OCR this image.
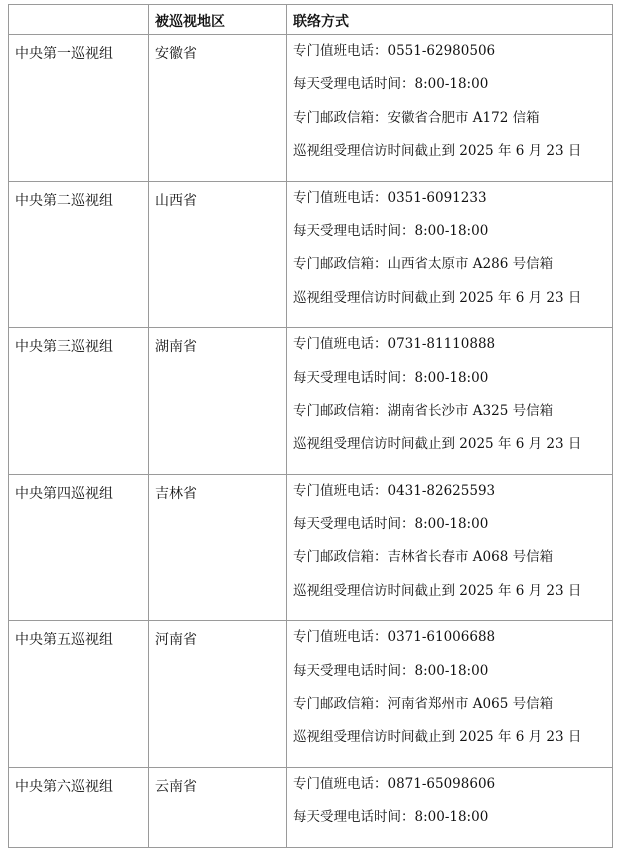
	被巡视地区	联络方式
中央第一巡视组	安徽省	专门值班电话：0551-62980506
每天受理电话时间：8:00-18:00
专门邮政信箱：安徽省合肥市 A172 信箱
巡视组受理信访时间截止到 2025 年 6 月 23 日

中央第二巡视组	山西省	专门值班电话：0351-6091233
每天受理电话时间：8:00-18:00
专门邮政信箱：山西省太原市 A286 号信箱
巡视组受理信访时间截止到 2025 年 6 月 23 日

中央第三巡视组	湖南省	专门值班电话：0731-81110888
每天受理电话时间：8:00-18:00
专门邮政信箱：湖南省长沙市 A325 号信箱
巡视组受理信访时间截止到 2025 年 6 月 23 日

中央第四巡视组	吉林省	专门值班电话：0431-82625593
每天受理电话时间：8:00-18:00
专门邮政信箱：吉林省长春市 A068 号信箱
巡视组受理信访时间截止到 2025 年 6 月 23 日

中央第五巡视组	河南省	专门值班电话：0371-61006688
每天受理电话时间：8:00-18:00
专门邮政信箱：河南省郑州市 A065 号信箱
巡视组受理信访时间截止到 2025 年 6 月 23 日

中央第六巡视组	云南省	专门值班电话：0871-65098606
每天受理电话时间：8:00-18:00
